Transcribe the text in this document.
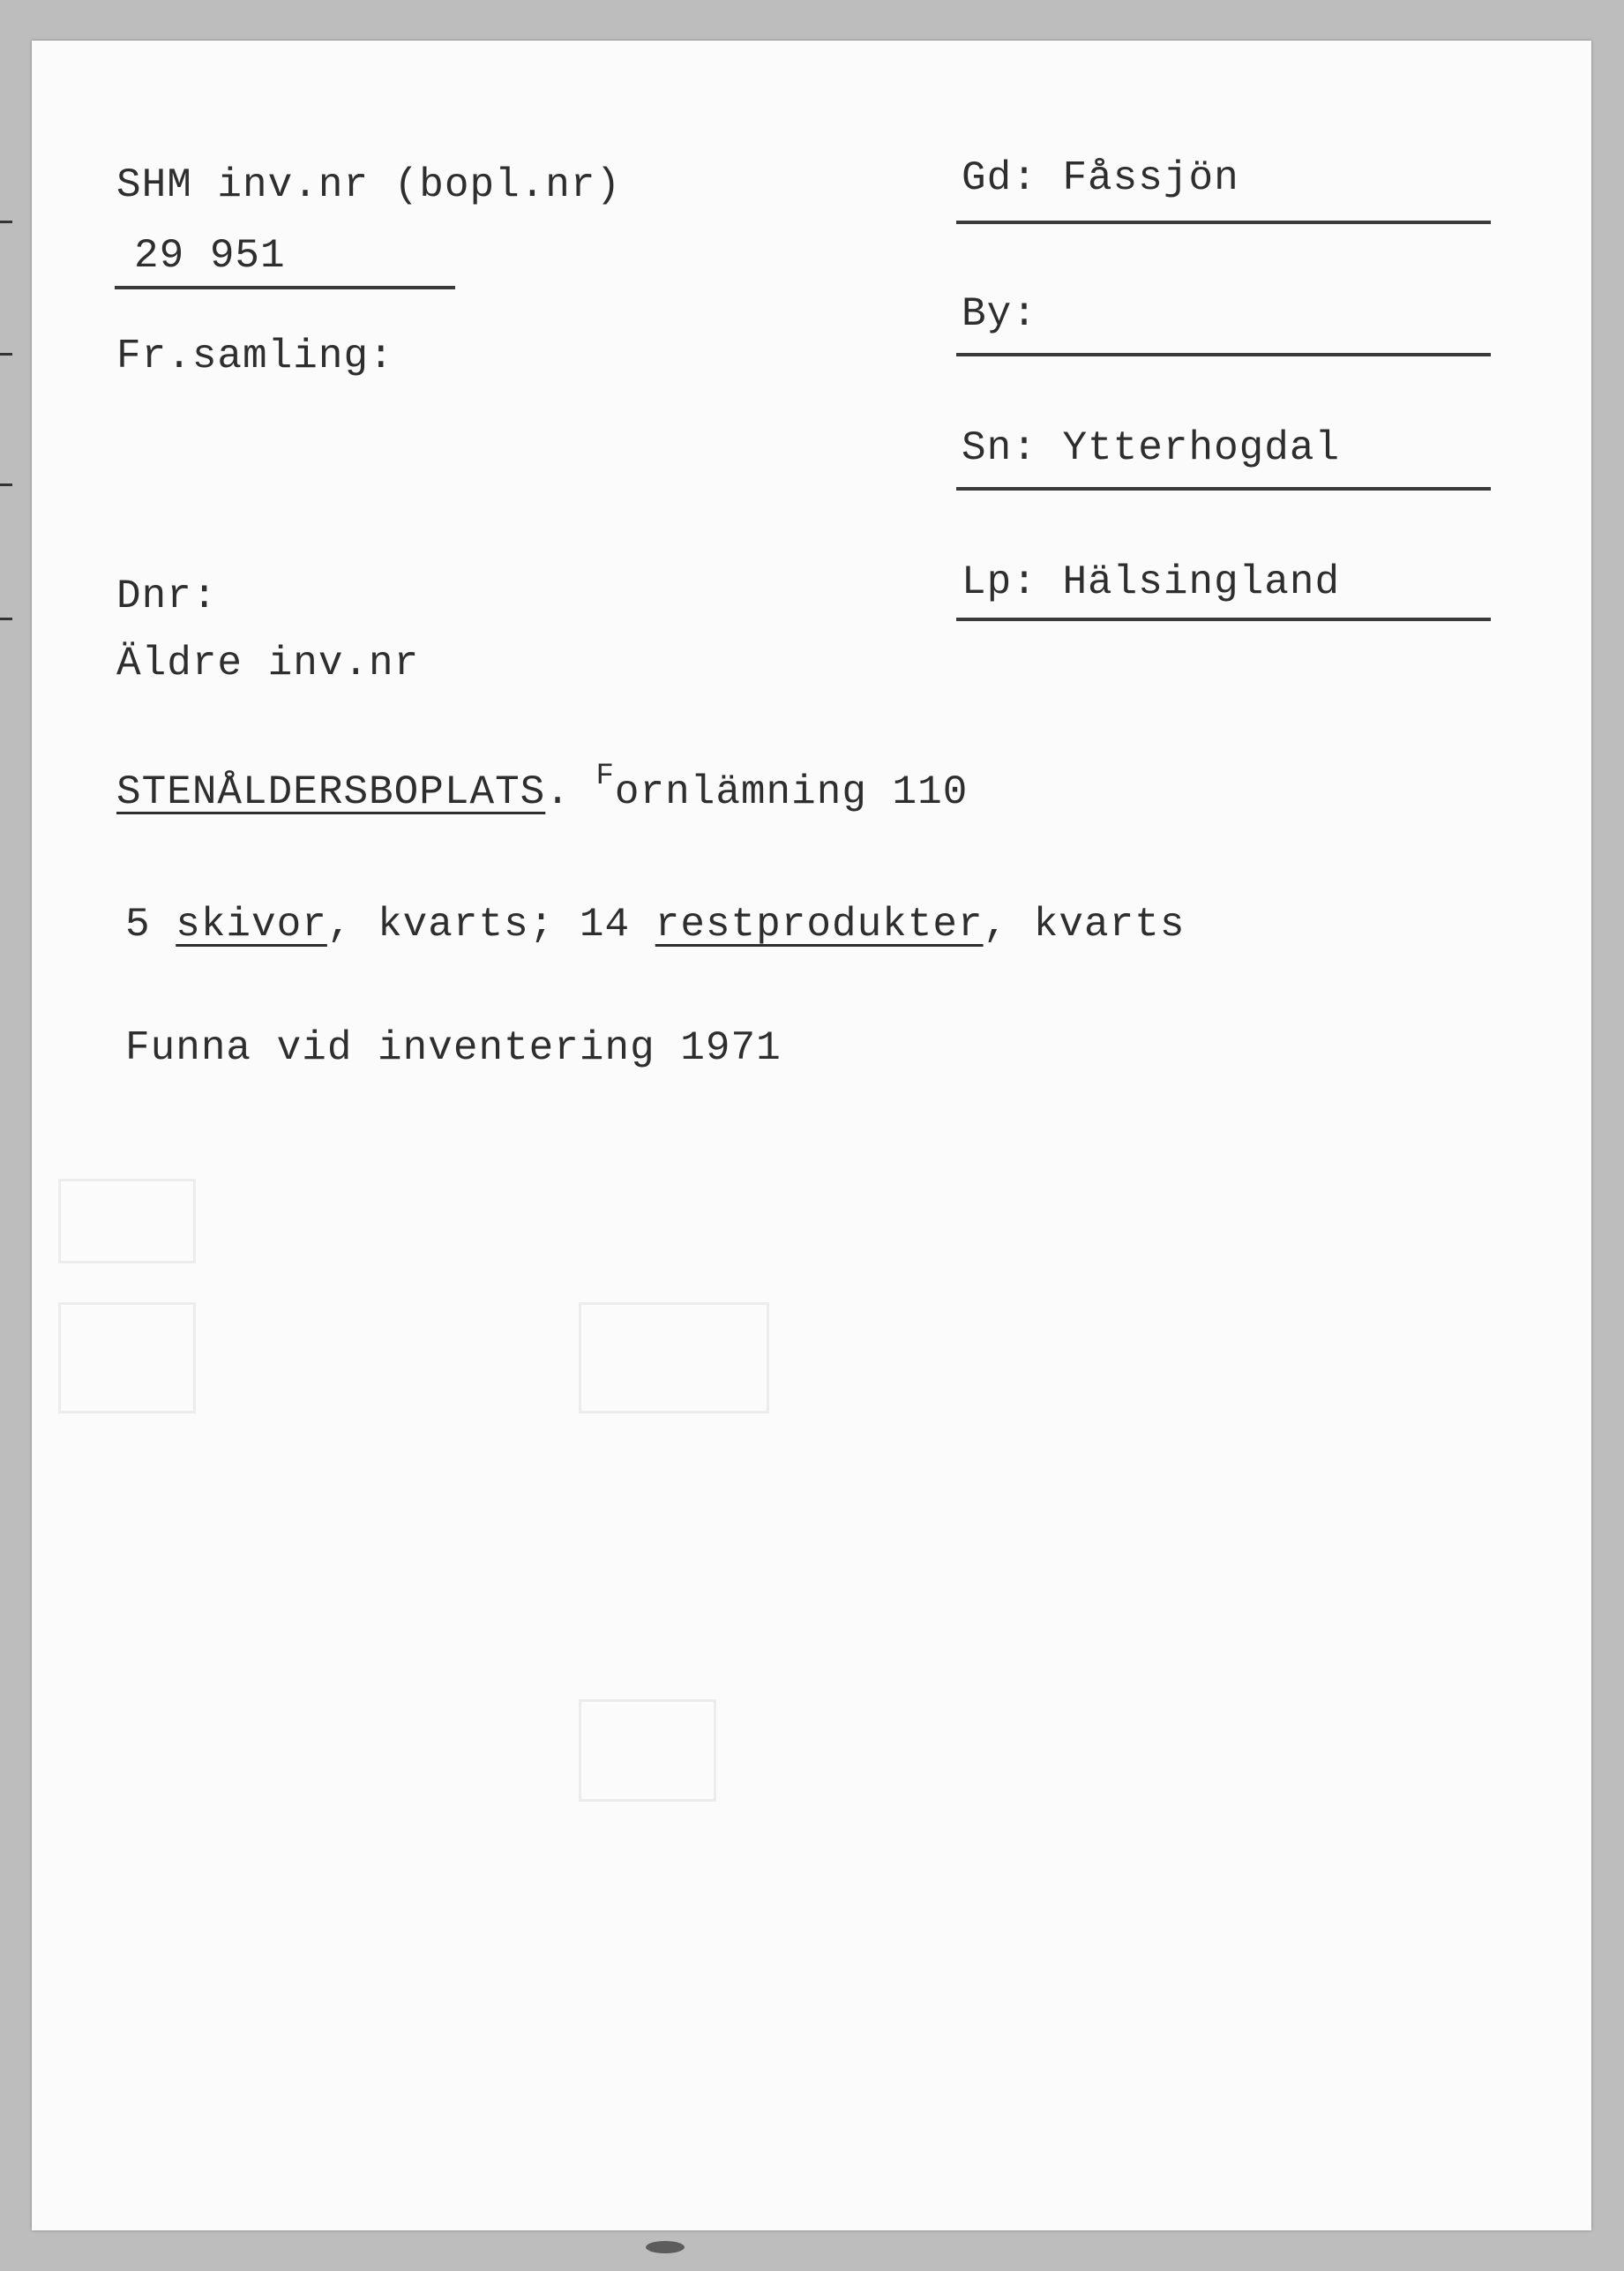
SHM inv.nr (bopl.nr)
29 951
Fr.samling:
Dnr:
Äldre inv.nr
Gd: Fåssjön
By:
Sn: Ytterhogdal
Lp: Hälsingland
STENÅLDERSBOPLATS. $^F$ornlämning 110
5 skivor, kvarts; 14 restprodukter, kvarts
Funna vid inventering 1971
